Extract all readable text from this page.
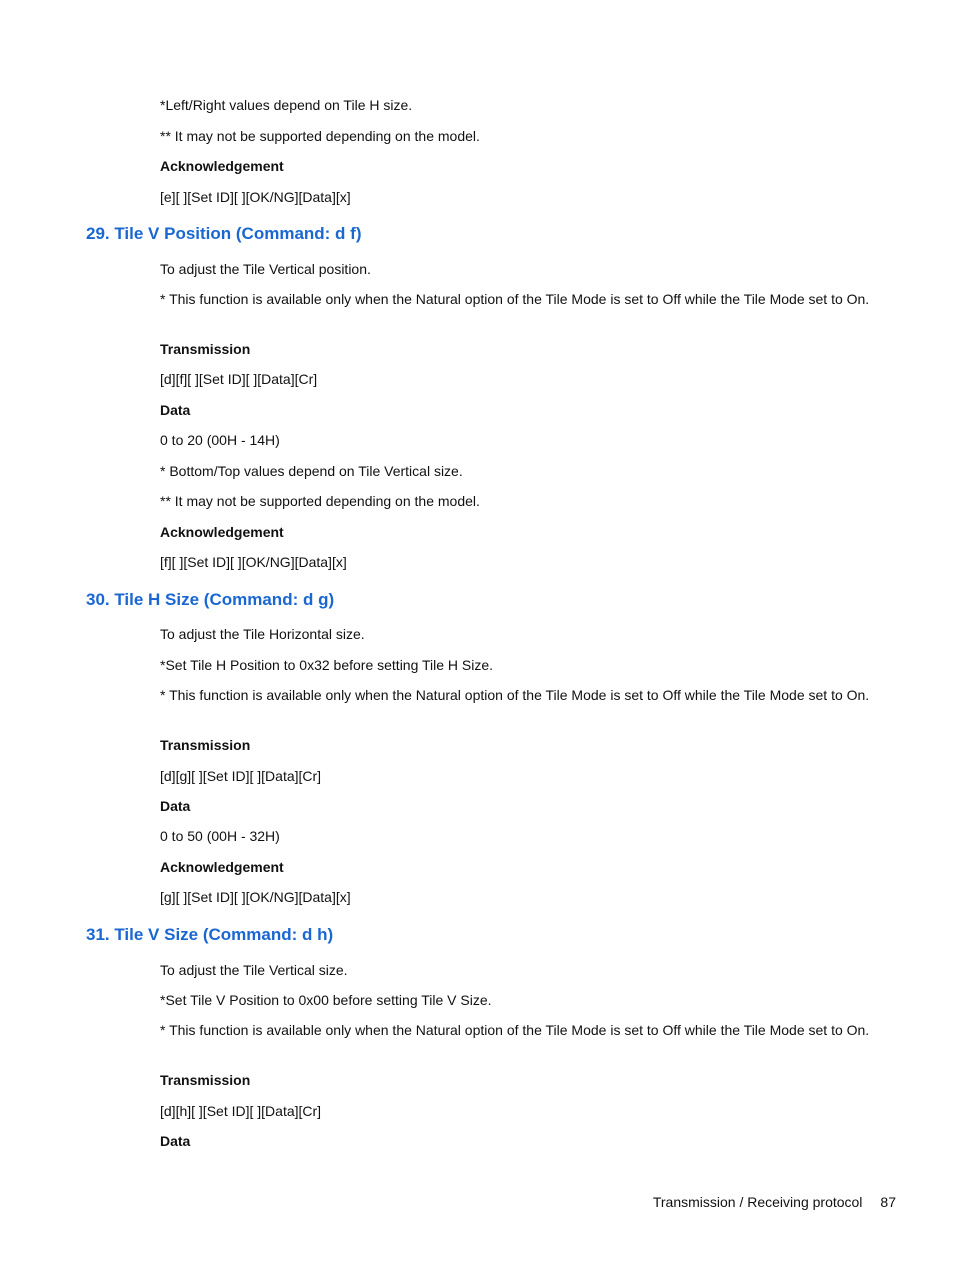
*Left/Right values depend on Tile H size.

** It may not be supported depending on the model.

Acknowledgement

[e][ ][Set ID][ ][OK/NG][Data][x]

29. Tile V Position (Command: d f)

To adjust the Tile Vertical position.

* This function is available only when the Natural option of the Tile Mode is set to Off while the Tile Mode set to On.

Transmission

[d][f][ ][Set ID][ ][Data][Cr]

Data

0 to 20 (00H - 14H)

* Bottom/Top values depend on Tile Vertical size.

** It may not be supported depending on the model.

Acknowledgement

[f][ ][Set ID][ ][OK/NG][Data][x]

30. Tile H Size (Command: d g)

To adjust the Tile Horizontal size.

*Set Tile H Position to 0x32 before setting Tile H Size.

* This function is available only when the Natural option of the Tile Mode is set to Off while the Tile Mode set to On.

Transmission

[d][g][ ][Set ID][ ][Data][Cr]

Data

0 to 50 (00H - 32H)

Acknowledgement

[g][ ][Set ID][ ][OK/NG][Data][x]

31. Tile V Size (Command: d h)

To adjust the Tile Vertical size.

*Set Tile V Position to 0x00 before setting Tile V Size.

* This function is available only when the Natural option of the Tile Mode is set to Off while the Tile Mode set to On.

Transmission

[d][h][ ][Set ID][ ][Data][Cr]

Data

Transmission / Receiving protocol 87
